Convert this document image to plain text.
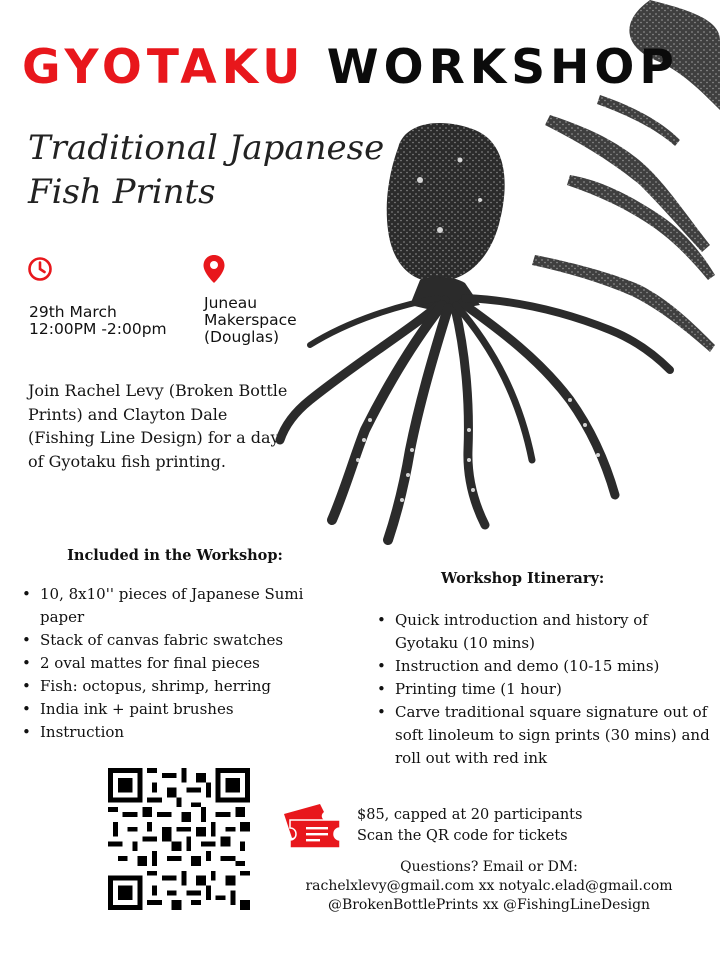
GYOTAKU WORKSHOP
Traditional Japanese
Fish Prints
29th March
12:00PM -2:00pm
Juneau
Makerspace
(Douglas)

Join Rachel Levy (Broken Bottle Prints) and Clayton Dale (Fishing Line Design) for a day of Gyotaku fish printing.

Included in the Workshop:
• 10, 8x10'' pieces of Japanese Sumi paper
• Stack of canvas fabric swatches
• 2 oval mattes for final pieces
• Fish: octopus, shrimp, herring
• India ink + paint brushes
• Instruction
Workshop Itinerary:
• Quick introduction and history of Gyotaku (10 mins)
• Instruction and demo (10-15 mins)
• Printing time (1 hour)
• Carve traditional square signature out of soft linoleum to sign prints (30 mins) and roll out with red ink
$85, capped at 20 participants
Scan the QR code for tickets
Questions? Email or DM:
rachelxlevy@gmail.com xx notyalc.elad@gmail.com
@BrokenBottlePrints xx @FishingLineDesign
